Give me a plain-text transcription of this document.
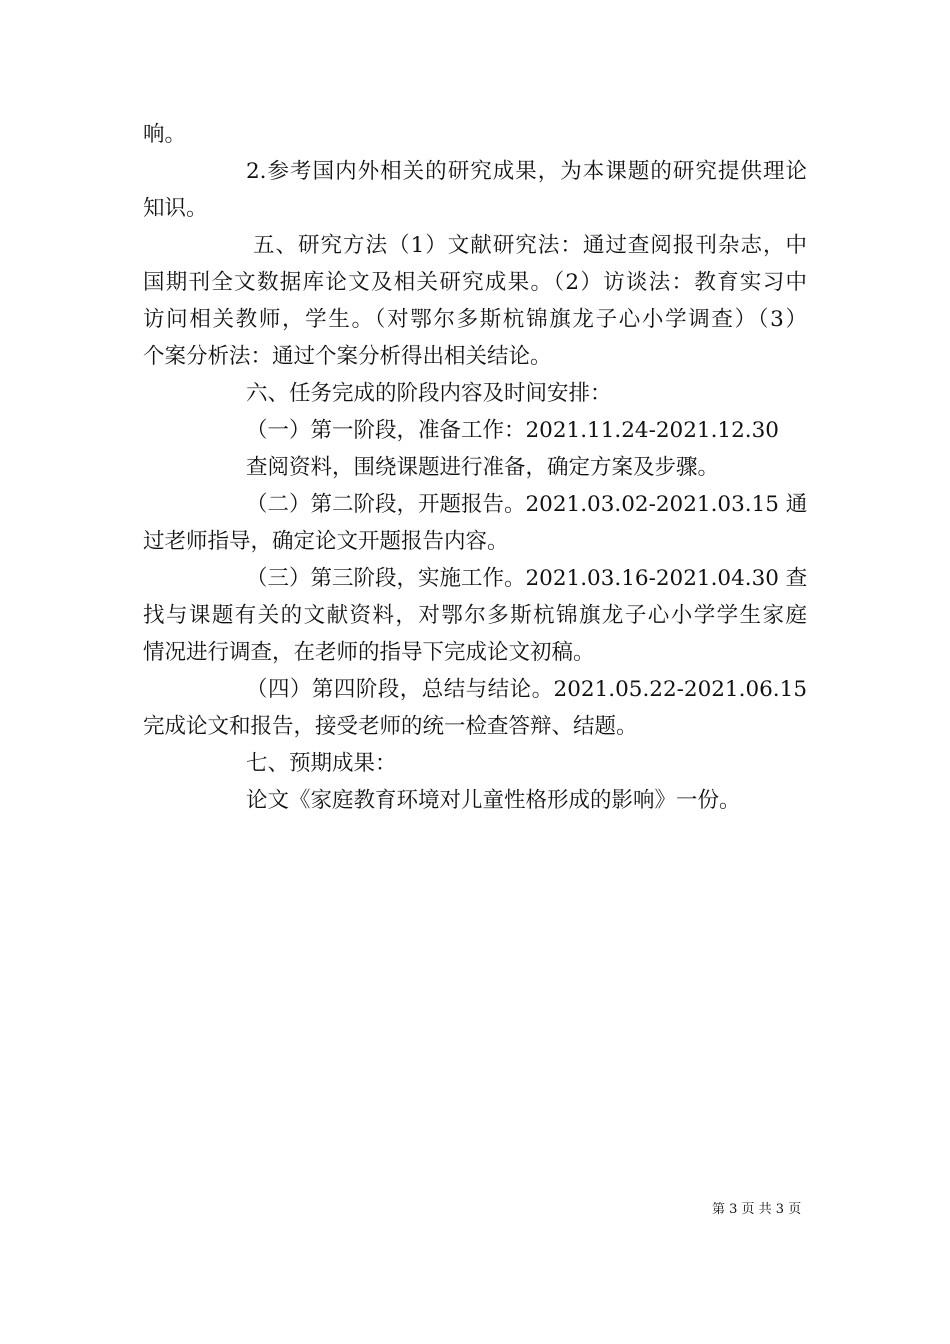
响。
2.参考国内外相关的研究成果，为本课题的研究提供理论
知识。
五、研究方法（1）文献研究法：通过查阅报刊杂志，中
国期刊全文数据库论文及相关研究成果。（2）访谈法：教育实习中
访问相关教师，学生。（对鄂尔多斯杭锦旗龙子心小学调查）（3）
个案分析法：通过个案分析得出相关结论。
六、任务完成的阶段内容及时间安排：
（一）第一阶段，准备工作：2021.11.24-2021.12.30
查阅资料，围绕课题进行准备，确定方案及步骤。
（二）第二阶段，开题报告。2021.03.02-2021.03.15 通
过老师指导，确定论文开题报告内容。
（三）第三阶段，实施工作。2021.03.16-2021.04.30 查
找与课题有关的文献资料，对鄂尔多斯杭锦旗龙子心小学学生家庭
情况进行调查，在老师的指导下完成论文初稿。
（四）第四阶段，总结与结论。2021.05.22-2021.06.15
完成论文和报告，接受老师的统一检查答辩、结题。
七、预期成果：
论文《家庭教育环境对儿童性格形成的影响》一份。
第 3 页 共 3 页
